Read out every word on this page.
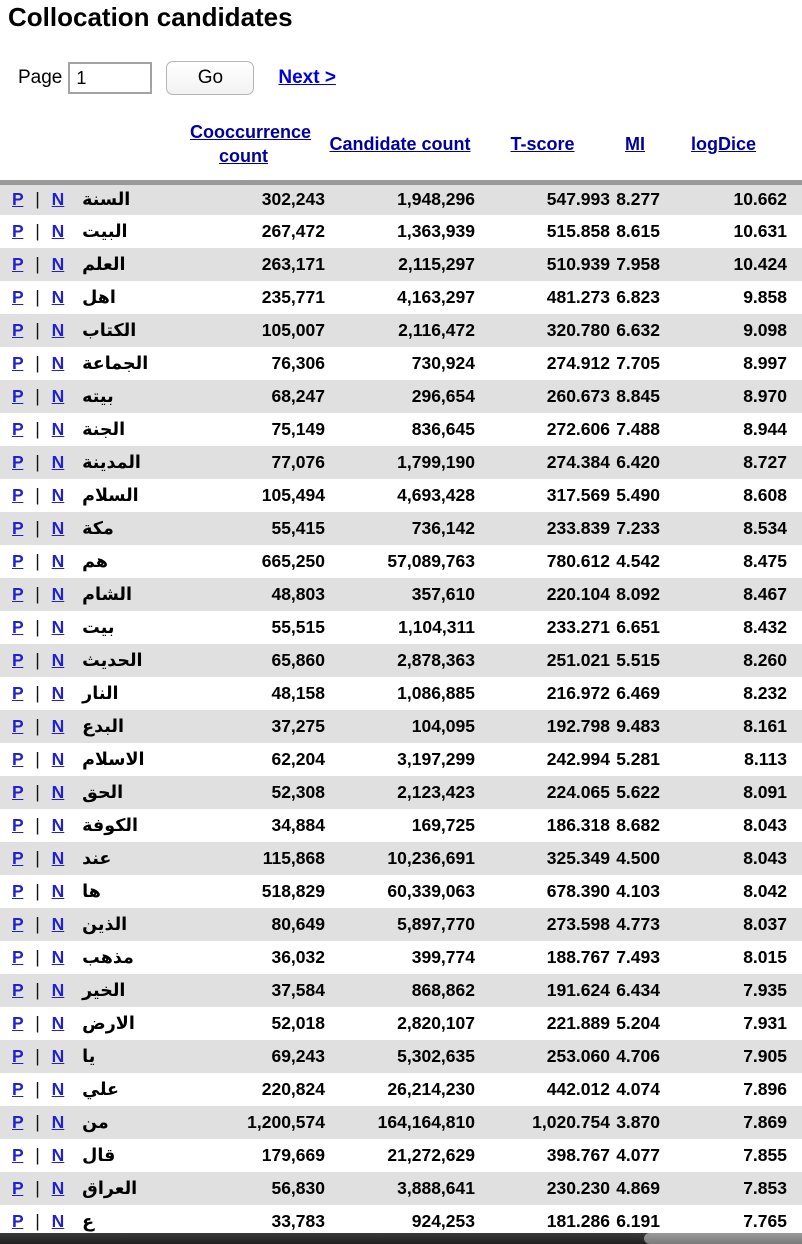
Collocation candidates
Page
1	Go	Next >
	Cooccurrence count	Candidate count	T-score	MI	logDice
P | N السنة	302,243	1,948,296	547.993	8.277	10.662
P | N البيت	267,472	1,363,939	515.858	8.615	10.631
P | N العلم	263,171	2,115,297	510.939	7.958	10.424
P | N اهل	235,771	4,163,297	481.273	6.823	9.858
P | N الكتاب	105,007	2,116,472	320.780	6.632	9.098
P | N الجماعة	76,306	730,924	274.912	7.705	8.997
P | N بيته	68,247	296,654	260.673	8.845	8.970
P | N الجنة	75,149	836,645	272.606	7.488	8.944
P | N المدينة	77,076	1,799,190	274.384	6.420	8.727
P | N السلام	105,494	4,693,428	317.569	5.490	8.608
P | N مكة	55,415	736,142	233.839	7.233	8.534
P | N هم	665,250	57,089,763	780.612	4.542	8.475
P | N الشام	48,803	357,610	220.104	8.092	8.467
P | N بيت	55,515	1,104,311	233.271	6.651	8.432
P | N الحديث	65,860	2,878,363	251.021	5.515	8.260
P | N النار	48,158	1,086,885	216.972	6.469	8.232
P | N البدع	37,275	104,095	192.798	9.483	8.161
P | N الاسلام	62,204	3,197,299	242.994	5.281	8.113
P | N الحق	52,308	2,123,423	224.065	5.622	8.091
P | N الكوفة	34,884	169,725	186.318	8.682	8.043
P | N عند	115,868	10,236,691	325.349	4.500	8.043
P | N ها	518,829	60,339,063	678.390	4.103	8.042
P | N الذين	80,649	5,897,770	273.598	4.773	8.037
P | N مذهب	36,032	399,774	188.767	7.493	8.015
P | N الخير	37,584	868,862	191.624	6.434	7.935
P | N الارض	52,018	2,820,107	221.889	5.204	7.931
P | N يا	69,243	5,302,635	253.060	4.706	7.905
P | N علي	220,824	26,214,230	442.012	4.074	7.896
P | N من	1,200,574	164,164,810	1,020.754	3.870	7.869
P | N قال	179,669	21,272,629	398.767	4.077	7.855
P | N العراق	56,830	3,888,641	230.230	4.869	7.853
P | N ع	33,783	924,253	181.286	6.191	7.765
